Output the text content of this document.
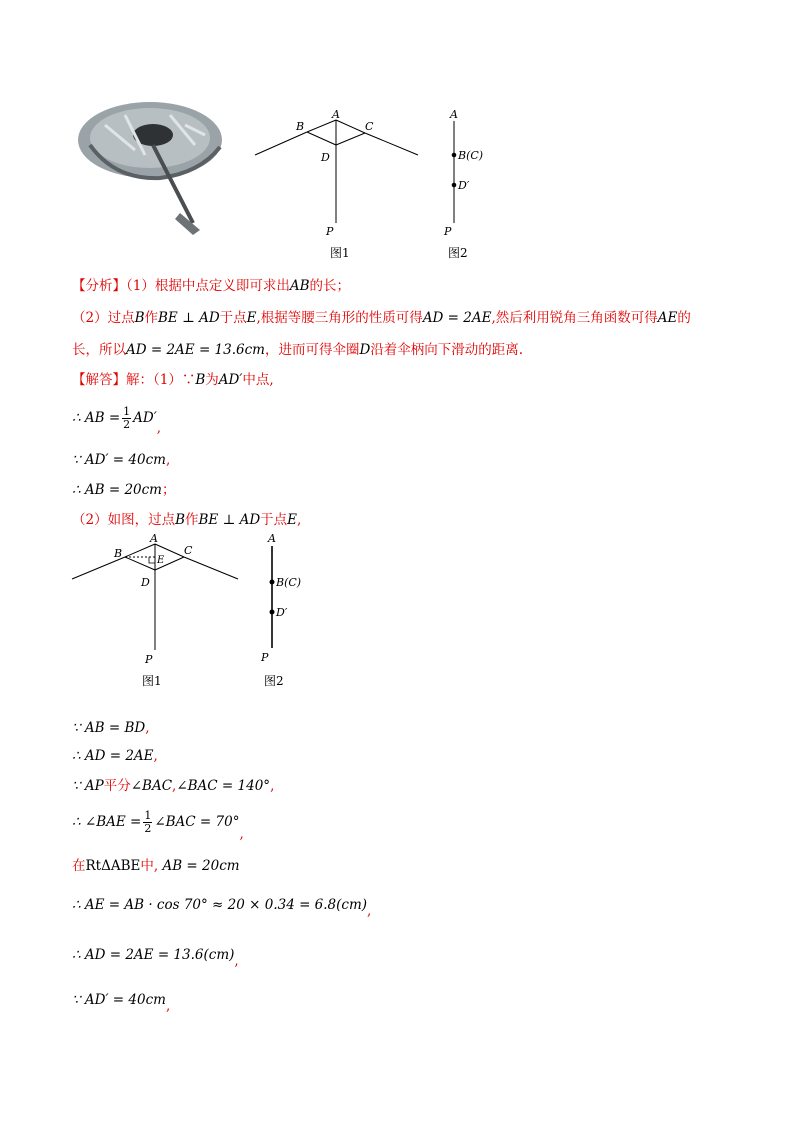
A
B	C
D
P
图1
A
B(C)
D′
P
图2
【分析】（1）根据中点定义即可求出AB的长；
（2）过点B作BE ⊥ AD于点E,根据等腰三角形的性质可得AD = 2AE,然后利用锐角三角函数可得AE的
长，所以AD = 2AE = 13.6cm，进而可得伞圈D沿着伞柄向下滑动的距离.
【解答】解：（1）∵B为AD′中点,
∴ AB = $\frac{1}{2} AD'$,
∵ AD′ = 40cm,
∴ AB = 20cm；
（2）如图，过点B作BE ⊥ AD于点E,
A
B	C
E
D
P
图1
A
B(C)
D′
P
图2
∵ AB = BD,
∴ AD = 2AE,
∵ AP平分∠BAC,∠BAC = 140°,
∴ ∠BAE = $\frac{1}{2}$ ∠BAC = 70°,
在RtΔABE中, AB = 20cm
∴ AE = AB · cos 70° ≈ 20 × 0.34 = 6.8(cm),
∴ AD = 2AE = 13.6(cm),
∵ AD′ = 40cm,
